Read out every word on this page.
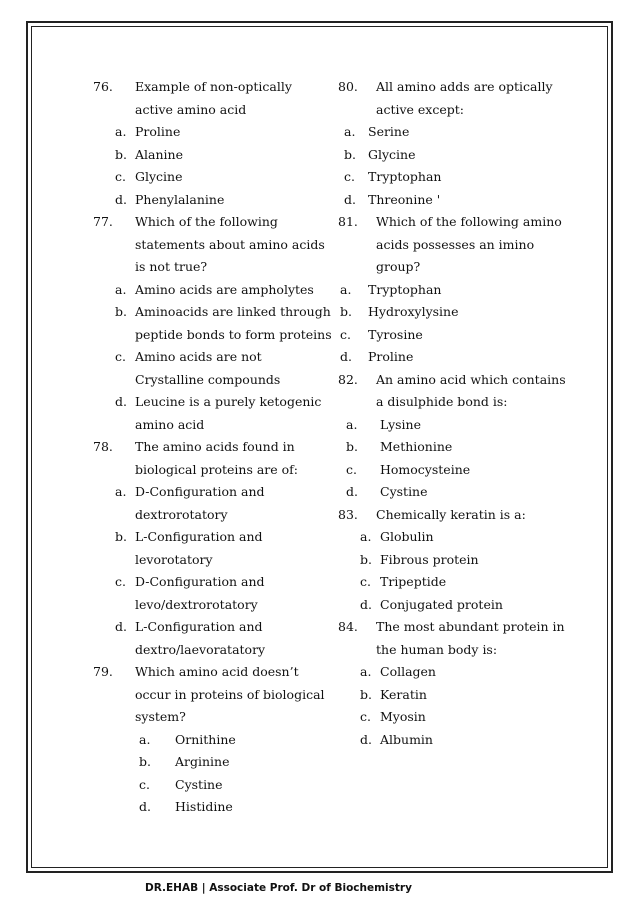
76. Example of non-optically
active amino acid
a. Proline
b. Alanine
c. Glycine
d. Phenylalanine
77. Which of the following
statements about amino acids
is not true?
a. Amino acids are ampholytes
b. Aminoacids are linked through
peptide bonds to form proteins
c. Amino acids are not
Crystalline compounds
d. Leucine is a purely ketogenic
amino acid
78. The amino acids found in
biological proteins are of:
a. D-Configuration and
dextrorotatory
b. L-Configuration and
levorotatory
c. D-Configuration and
levo/dextrorotatory
d. L-Configuration and
dextro/laevoratatory
79. Which amino acid doesn’t
occur in proteins of biological
system?
a. Ornithine
b. Arginine
c. Cystine
d. Histidine
80. All amino adds are optically
active except:
a. Serine
b. Glycine
c. Tryptophan
d. Threonine '
81. Which of the following amino
acids possesses an imino
group?
a. Tryptophan
b. Hydroxylysine
c. Tyrosine
d. Proline
82. An amino acid which contains
a disulphide bond is:
a. Lysine
b. Methionine
c. Homocysteine
d. Cystine
83. Chemically keratin is a:
a. Globulin
b. Fibrous protein
c. Tripeptide
d. Conjugated protein
84. The most abundant protein in
the human body is:
a. Collagen
b. Keratin
c. Myosin
d. Albumin
DR.EHAB | Associate Prof. Dr of Biochemistry
